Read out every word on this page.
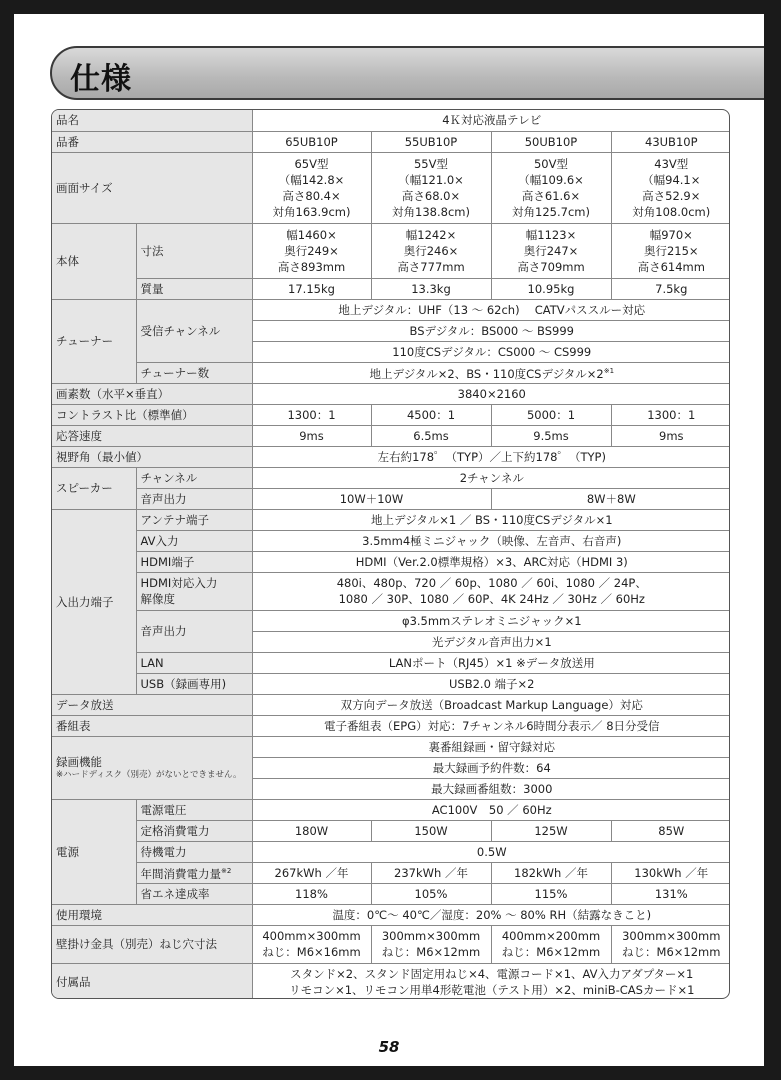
仕様
品名		4Ｋ対応液晶テレビ			
品番		65UB10P	55UB10P	50UB10P	43UB10P
画面サイズ		65V型
（幅142.8×
高さ80.4×
対角163.9cm)	55V型
（幅121.0×
高さ68.0×
対角138.8cm)	50V型
（幅109.6×
高さ61.6×
対角125.7cm)	43V型
（幅94.1×
高さ52.9×
対角108.0cm)
本体	寸法	幅1460×
奥行249×
高さ893mm	幅1242×
奥行246×
高さ777mm	幅1123×
奥行247×
高さ709mm	幅970×
奥行215×
高さ614mm
	質量	17.15kg	13.3kg	10.95kg	7.5kg
チューナー	受信チャンネル	地上デジタル：UHF（13 ～ 62ch)　 CATVパススルー対応			
		BSデジタル：BS000 ～ BS999			
		110度CSデジタル：CS000 ～ CS999			
	チューナー数	地上デジタル×2、BS・110度CSデジタル$\times 2^{※1}$
画素数（水平×垂直）		3840×2160			
コントラスト比（標準値）		1300：1	4500：1	5000：1	1300：1
応答速度		9ms	6.5ms	9.5ms	9ms
視野角（最小値）		左右約178゜（TYP）／上下約178゜（TYP)			
スピーカー	チャンネル	2チャンネル			
	音声出力	10W＋10W		8W＋8W	
入出力端子	アンテナ端子	地上デジタル×1 ／ BS・110度CSデジタル×1			
	AV入力	3.5mm4極ミニジャック（映像、左音声、右音声)			
	HDMI端子	HDMI（Ver.2.0標準規格）×3、ARC対応（HDMI 3)			
	HDMI対応入力
解像度	480i、480p、720 ／ 60p、1080 ／ 60i、1080 ／ 24P、
1080 ／ 30P、1080 ／ 60P、4K 24Hz ／ 30Hz ／ 60Hz			
	音声出力	φ3.5mmステレオミニジャック×1			
		光デジタル音声出力×1			
	LAN	LANポート（RJ45）×1 ※データ放送用			
	USB（録画専用)	USB2.0 端子×2			
データ放送		双方向データ放送（Broadcast Markup Language）対応			
番組表		電子番組表（EPG）対応：7チャンネル6時間分表示／ 8日分受信			
録画機能
※ハードディスク（別売）がないとできません。		裏番組録画・留守録対応			
		最大録画予約件数：64			
		最大録画番組数：3000			
電源	電源電圧	AC100V　50 ／ 60Hz			
	定格消費電力	180W	150W	125W	85W
	待機電力	0.5W			
	年間消費電力量$^{※2}$	267kWh ／年	237kWh ／年	182kWh ／年	130kWh ／年
	省エネ達成率	118%	105%	115%	131%
使用環境		温度：0℃～ 40℃／湿度：20% ～ 80% RH（結露なきこと)			
壁掛け金具（別売）ねじ穴寸法		400mm×300mm
ねじ：M6×16mm	300mm×300mm
ねじ：M6×12mm	400mm×200mm
ねじ：M6×12mm	300mm×300mm
ねじ：M6×12mm
付属品		スタンド×2、スタンド固定用ねじ×4、電源コード×1、AV入力アダプター×1
リモコン×1、リモコン用単4形乾電池（テスト用）×2、miniB-CASカード×1			
58
